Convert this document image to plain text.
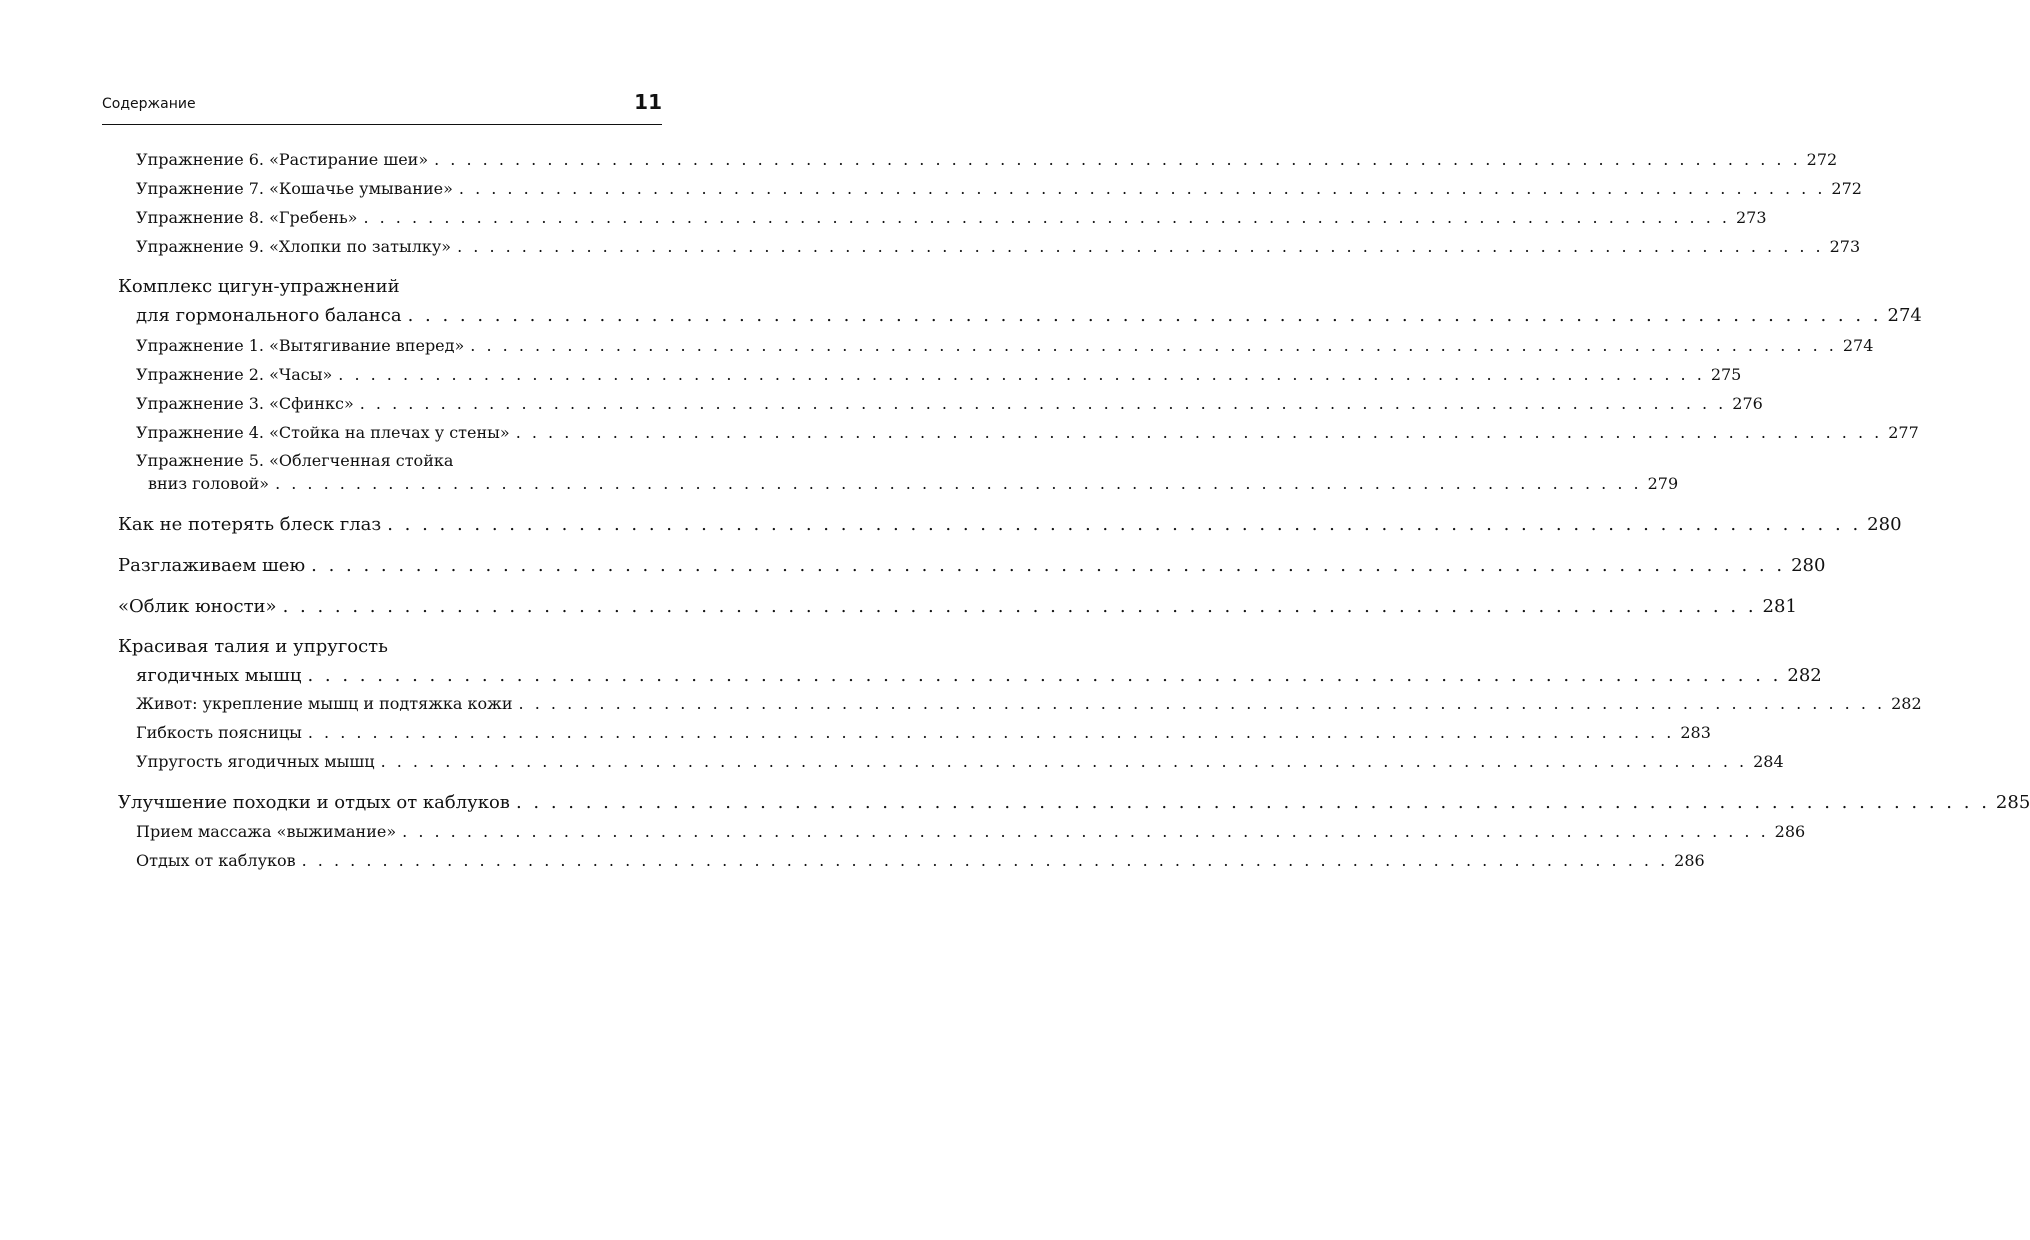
Содержание	11
Упражнение 6. «Растирание шеи» . . . . . . . . . . . . . . . . . . . . . . . . . . . . . . . . . . . . . . . . . . . . . . . . . . . . . . . . . . . . . . . . . . . . . . . . . . . . . . . . . . . . . 272
Упражнение 7. «Кошачье умывание» . . . . . . . . . . . . . . . . . . . . . . . . . . . . . . . . . . . . . . . . . . . . . . . . . . . . . . . . . . . . . . . . . . . . . . . . . . . . . . . . . . . . . 272
Упражнение 8. «Гребень» . . . . . . . . . . . . . . . . . . . . . . . . . . . . . . . . . . . . . . . . . . . . . . . . . . . . . . . . . . . . . . . . . . . . . . . . . . . . . . . . . . . . . 273
Упражнение 9. «Хлопки по затылку» . . . . . . . . . . . . . . . . . . . . . . . . . . . . . . . . . . . . . . . . . . . . . . . . . . . . . . . . . . . . . . . . . . . . . . . . . . . . . . . . . . . . . 273
Комплекс цигун-упражнений
для гормонального баланса . . . . . . . . . . . . . . . . . . . . . . . . . . . . . . . . . . . . . . . . . . . . . . . . . . . . . . . . . . . . . . . . . . . . . . . . . . . . . . . . . . . . . 274
Упражнение 1. «Вытягивание вперед» . . . . . . . . . . . . . . . . . . . . . . . . . . . . . . . . . . . . . . . . . . . . . . . . . . . . . . . . . . . . . . . . . . . . . . . . . . . . . . . . . . . . . 274
Упражнение 2. «Часы» . . . . . . . . . . . . . . . . . . . . . . . . . . . . . . . . . . . . . . . . . . . . . . . . . . . . . . . . . . . . . . . . . . . . . . . . . . . . . . . . . . . . . 275
Упражнение 3. «Сфинкс» . . . . . . . . . . . . . . . . . . . . . . . . . . . . . . . . . . . . . . . . . . . . . . . . . . . . . . . . . . . . . . . . . . . . . . . . . . . . . . . . . . . . . 276
Упражнение 4. «Стойка на плечах у стены» . . . . . . . . . . . . . . . . . . . . . . . . . . . . . . . . . . . . . . . . . . . . . . . . . . . . . . . . . . . . . . . . . . . . . . . . . . . . . . . . . . . . . 277
Упражнение 5. «Облегченная стойка
вниз головой» . . . . . . . . . . . . . . . . . . . . . . . . . . . . . . . . . . . . . . . . . . . . . . . . . . . . . . . . . . . . . . . . . . . . . . . . . . . . . . . . . . . . . 279
Как не потерять блеск глаз . . . . . . . . . . . . . . . . . . . . . . . . . . . . . . . . . . . . . . . . . . . . . . . . . . . . . . . . . . . . . . . . . . . . . . . . . . . . . . . . . . . . . 280
Разглаживаем шею . . . . . . . . . . . . . . . . . . . . . . . . . . . . . . . . . . . . . . . . . . . . . . . . . . . . . . . . . . . . . . . . . . . . . . . . . . . . . . . . . . . . . 280
«Облик юности» . . . . . . . . . . . . . . . . . . . . . . . . . . . . . . . . . . . . . . . . . . . . . . . . . . . . . . . . . . . . . . . . . . . . . . . . . . . . . . . . . . . . . 281
Красивая талия и упругость
ягодичных мышц . . . . . . . . . . . . . . . . . . . . . . . . . . . . . . . . . . . . . . . . . . . . . . . . . . . . . . . . . . . . . . . . . . . . . . . . . . . . . . . . . . . . . 282
Живот: укрепление мышц и подтяжка кожи . . . . . . . . . . . . . . . . . . . . . . . . . . . . . . . . . . . . . . . . . . . . . . . . . . . . . . . . . . . . . . . . . . . . . . . . . . . . . . . . . . . . . 282
Гибкость поясницы . . . . . . . . . . . . . . . . . . . . . . . . . . . . . . . . . . . . . . . . . . . . . . . . . . . . . . . . . . . . . . . . . . . . . . . . . . . . . . . . . . . . . 283
Упругость ягодичных мышц . . . . . . . . . . . . . . . . . . . . . . . . . . . . . . . . . . . . . . . . . . . . . . . . . . . . . . . . . . . . . . . . . . . . . . . . . . . . . . . . . . . . . 284
Улучшение походки и отдых от каблуков . . . . . . . . . . . . . . . . . . . . . . . . . . . . . . . . . . . . . . . . . . . . . . . . . . . . . . . . . . . . . . . . . . . . . . . . . . . . . . . . . . . . . 285
Прием массажа «выжимание» . . . . . . . . . . . . . . . . . . . . . . . . . . . . . . . . . . . . . . . . . . . . . . . . . . . . . . . . . . . . . . . . . . . . . . . . . . . . . . . . . . . . . 286
Отдых от каблуков . . . . . . . . . . . . . . . . . . . . . . . . . . . . . . . . . . . . . . . . . . . . . . . . . . . . . . . . . . . . . . . . . . . . . . . . . . . . . . . . . . . . . 286
